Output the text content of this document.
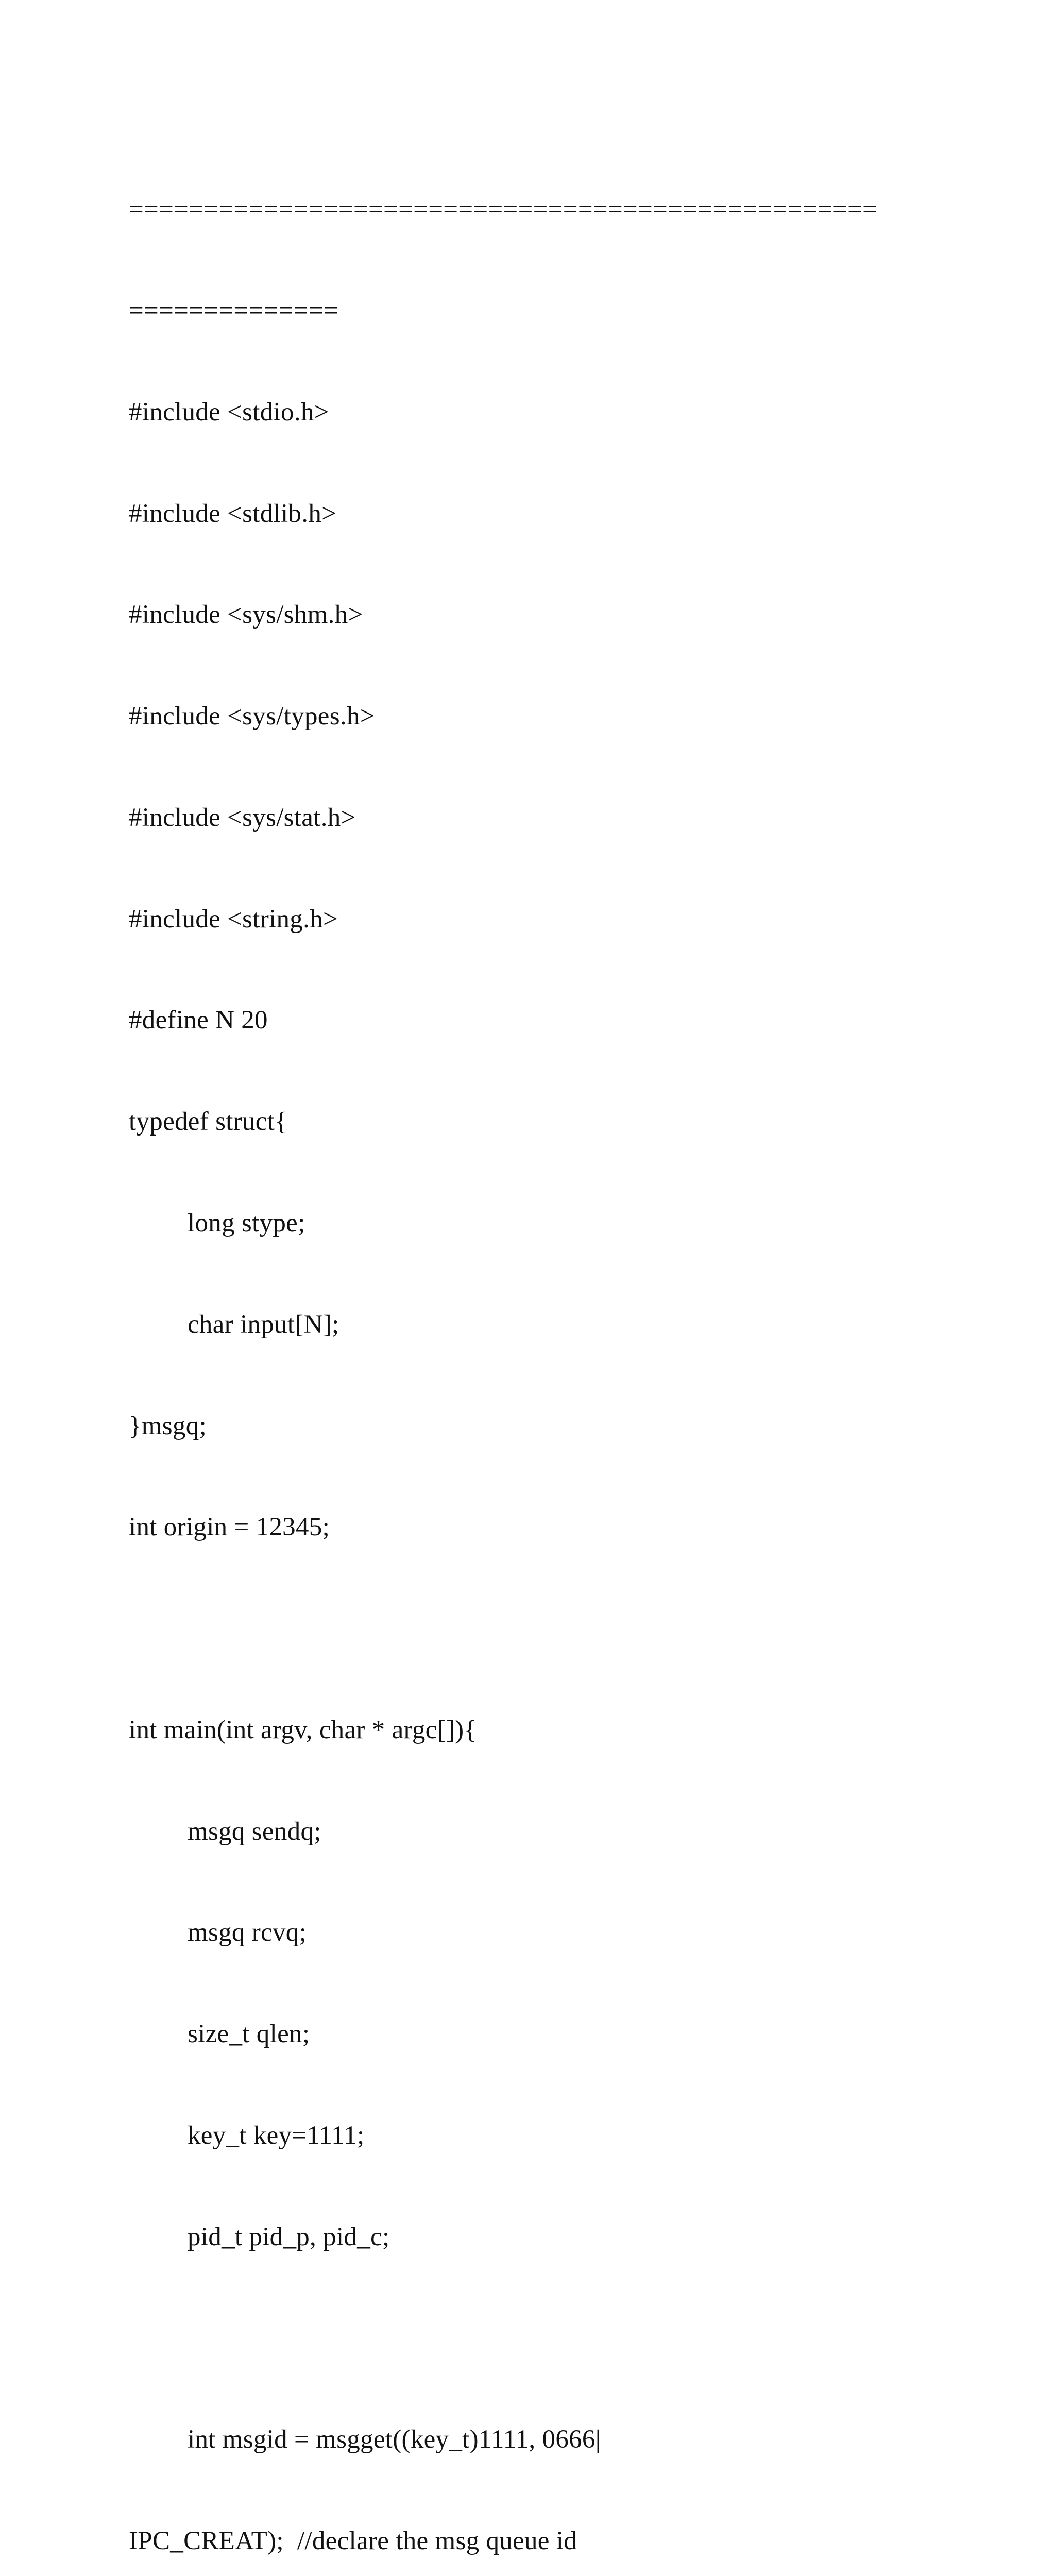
==================================================

==============

#include <stdio.h>

#include <stdlib.h>

#include <sys/shm.h>

#include <sys/types.h>

#include <sys/stat.h>

#include <string.h>

#define N 20

typedef struct{

long stype;

char input[N];

}msgq;

int origin = 12345;

int main(int argv, char * argc[]){

msgq sendq;

msgq rcvq;

size_t qlen;

key_t key=1111;

pid_t pid_p, pid_c;

int msgid = msgget((key_t)1111, 0666|

IPC_CREAT);  //declare the msg queue id
